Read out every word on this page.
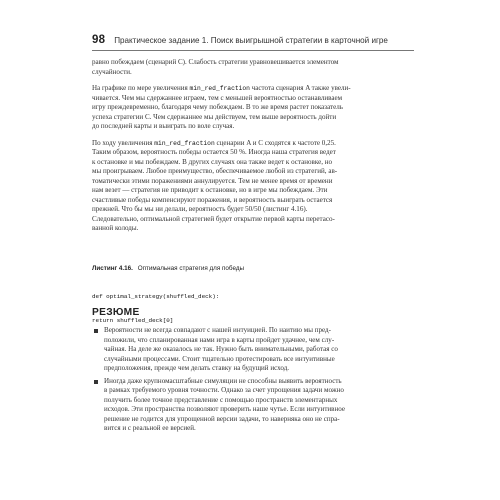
98 Практическое задание 1. Поиск выигрышной стратегии в карточной игре
равно побеждаем (сценарий C). Слабость стратегии уравновешивается элементом
случайности.
На графике по мере увеличения min_red_fraction частота сценария A также увели-
чивается. Чем мы сдержаннее играем, тем с меньшей вероятностью останавливаем
игру преждевременно, благодаря чему побеждаем. В то же время растет показатель
успеха стратегии C. Чем сдержаннее мы действуем, тем выше вероятность дойти
до последней карты и выиграть по воле случая.
По ходу увеличения min_red_fraction сценарии A и C сходятся к частоте 0,25.
Таким образом, вероятность победы остается 50 %. Иногда наша стратегия ведет
к остановке и мы побеждаем. В других случаях она также ведет к остановке, но
мы проигрываем. Любое преимущество, обеспечиваемое любой из стратегий, ав-
томатически этими поражениями аннулируется. Тем не менее время от времени
нам везет — стратегия не приводит к остановке, но в игре мы побеждаем. Эти
счастливые победы компенсируют поражения, и вероятность выиграть остается
прежней. Что бы мы ни делали, вероятность будет 50/50 (листинг 4.16).
Следовательно, оптимальной стратегией будет открытие первой карты перетасо-
ванной колоды.
Листинг 4.16. Оптимальная стратегия для победы

def optimal_strategy(shuffled_deck):

return shuffled_deck[0]

РЕЗЮМЕ
Вероятности не всегда совпадают с нашей интуицией. По наитию мы пред-
положили, что спланированная нами игра в карты пройдет удачнее, чем слу-
чайная. На деле же оказалось не так. Нужно быть внимательными, работая со
случайными процессами. Стоит тщательно протестировать все интуитивные
предположения, прежде чем делать ставку на будущий исход.
Иногда даже крупномасштабные симуляции не способны выявить вероятность
в рамках требуемого уровня точности. Однако за счет упрощения задачи можно
получить более точное представление с помощью пространств элементарных
исходов. Эти пространства позволяют проверить наше чутье. Если интуитивное
решение не годится для упрощенной версии задачи, то наверняка оно не спра-
вится и с реальной ее версией.
